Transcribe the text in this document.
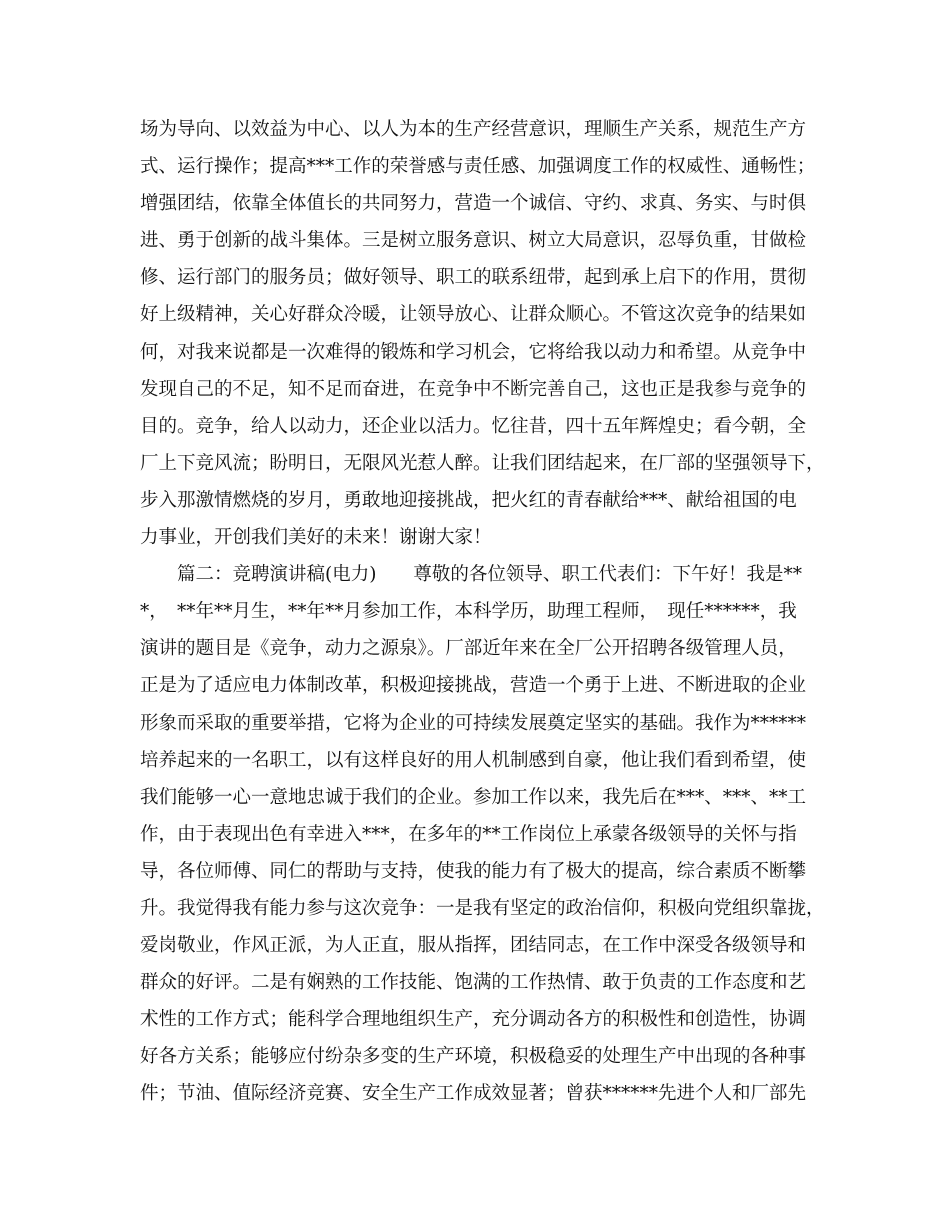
场为导向、以效益为中心、以人为本的生产经营意识，理顺生产关系，规范生产方
式、运行操作；提高***工作的荣誉感与责任感、加强调度工作的权威性、通畅性；
增强团结，依靠全体值长的共同努力，营造一个诚信、守约、求真、务实、与时俱
进、勇于创新的战斗集体。三是树立服务意识、树立大局意识，忍辱负重，甘做检
修、运行部门的服务员；做好领导、职工的联系纽带，起到承上启下的作用，贯彻
好上级精神，关心好群众冷暖，让领导放心、让群众顺心。不管这次竞争的结果如
何，对我来说都是一次难得的锻炼和学习机会，它将给我以动力和希望。从竞争中
发现自己的不足，知不足而奋进，在竞争中不断完善自己，这也正是我参与竞争的
目的。竞争，给人以动力，还企业以活力。忆往昔，四十五年辉煌史；看今朝，全
厂上下竞风流；盼明日，无限风光惹人醉。让我们团结起来，在厂部的坚强领导下，
步入那激情燃烧的岁月，勇敢地迎接挑战，把火红的青春献给***、献给祖国的电
力事业，开创我们美好的未来！谢谢大家！
　　篇二：竞聘演讲稿(电力)　　尊敬的各位领导、职工代表们：下午好！我是**
*，　**年**月生，**年**月参加工作，本科学历，助理工程师，　现任******，我
演讲的题目是《竞争，动力之源泉》。厂部近年来在全厂公开招聘各级管理人员，
正是为了适应电力体制改革，积极迎接挑战，营造一个勇于上进、不断进取的企业
形象而采取的重要举措，它将为企业的可持续发展奠定坚实的基础。我作为******
培养起来的一名职工，以有这样良好的用人机制感到自豪，他让我们看到希望，使
我们能够一心一意地忠诚于我们的企业。参加工作以来，我先后在***、***、**工
作，由于表现出色有幸进入***，在多年的**工作岗位上承蒙各级领导的关怀与指
导，各位师傅、同仁的帮助与支持，使我的能力有了极大的提高，综合素质不断攀
升。我觉得我有能力参与这次竞争：一是我有坚定的政治信仰，积极向党组织靠拢，
爱岗敬业，作风正派，为人正直，服从指挥，团结同志，在工作中深受各级领导和
群众的好评。二是有娴熟的工作技能、饱满的工作热情、敢于负责的工作态度和艺
术性的工作方式；能科学合理地组织生产，充分调动各方的积极性和创造性，协调
好各方关系；能够应付纷杂多变的生产环境，积极稳妥的处理生产中出现的各种事
件；节油、值际经济竞赛、安全生产工作成效显著；曾获******先进个人和厂部先
